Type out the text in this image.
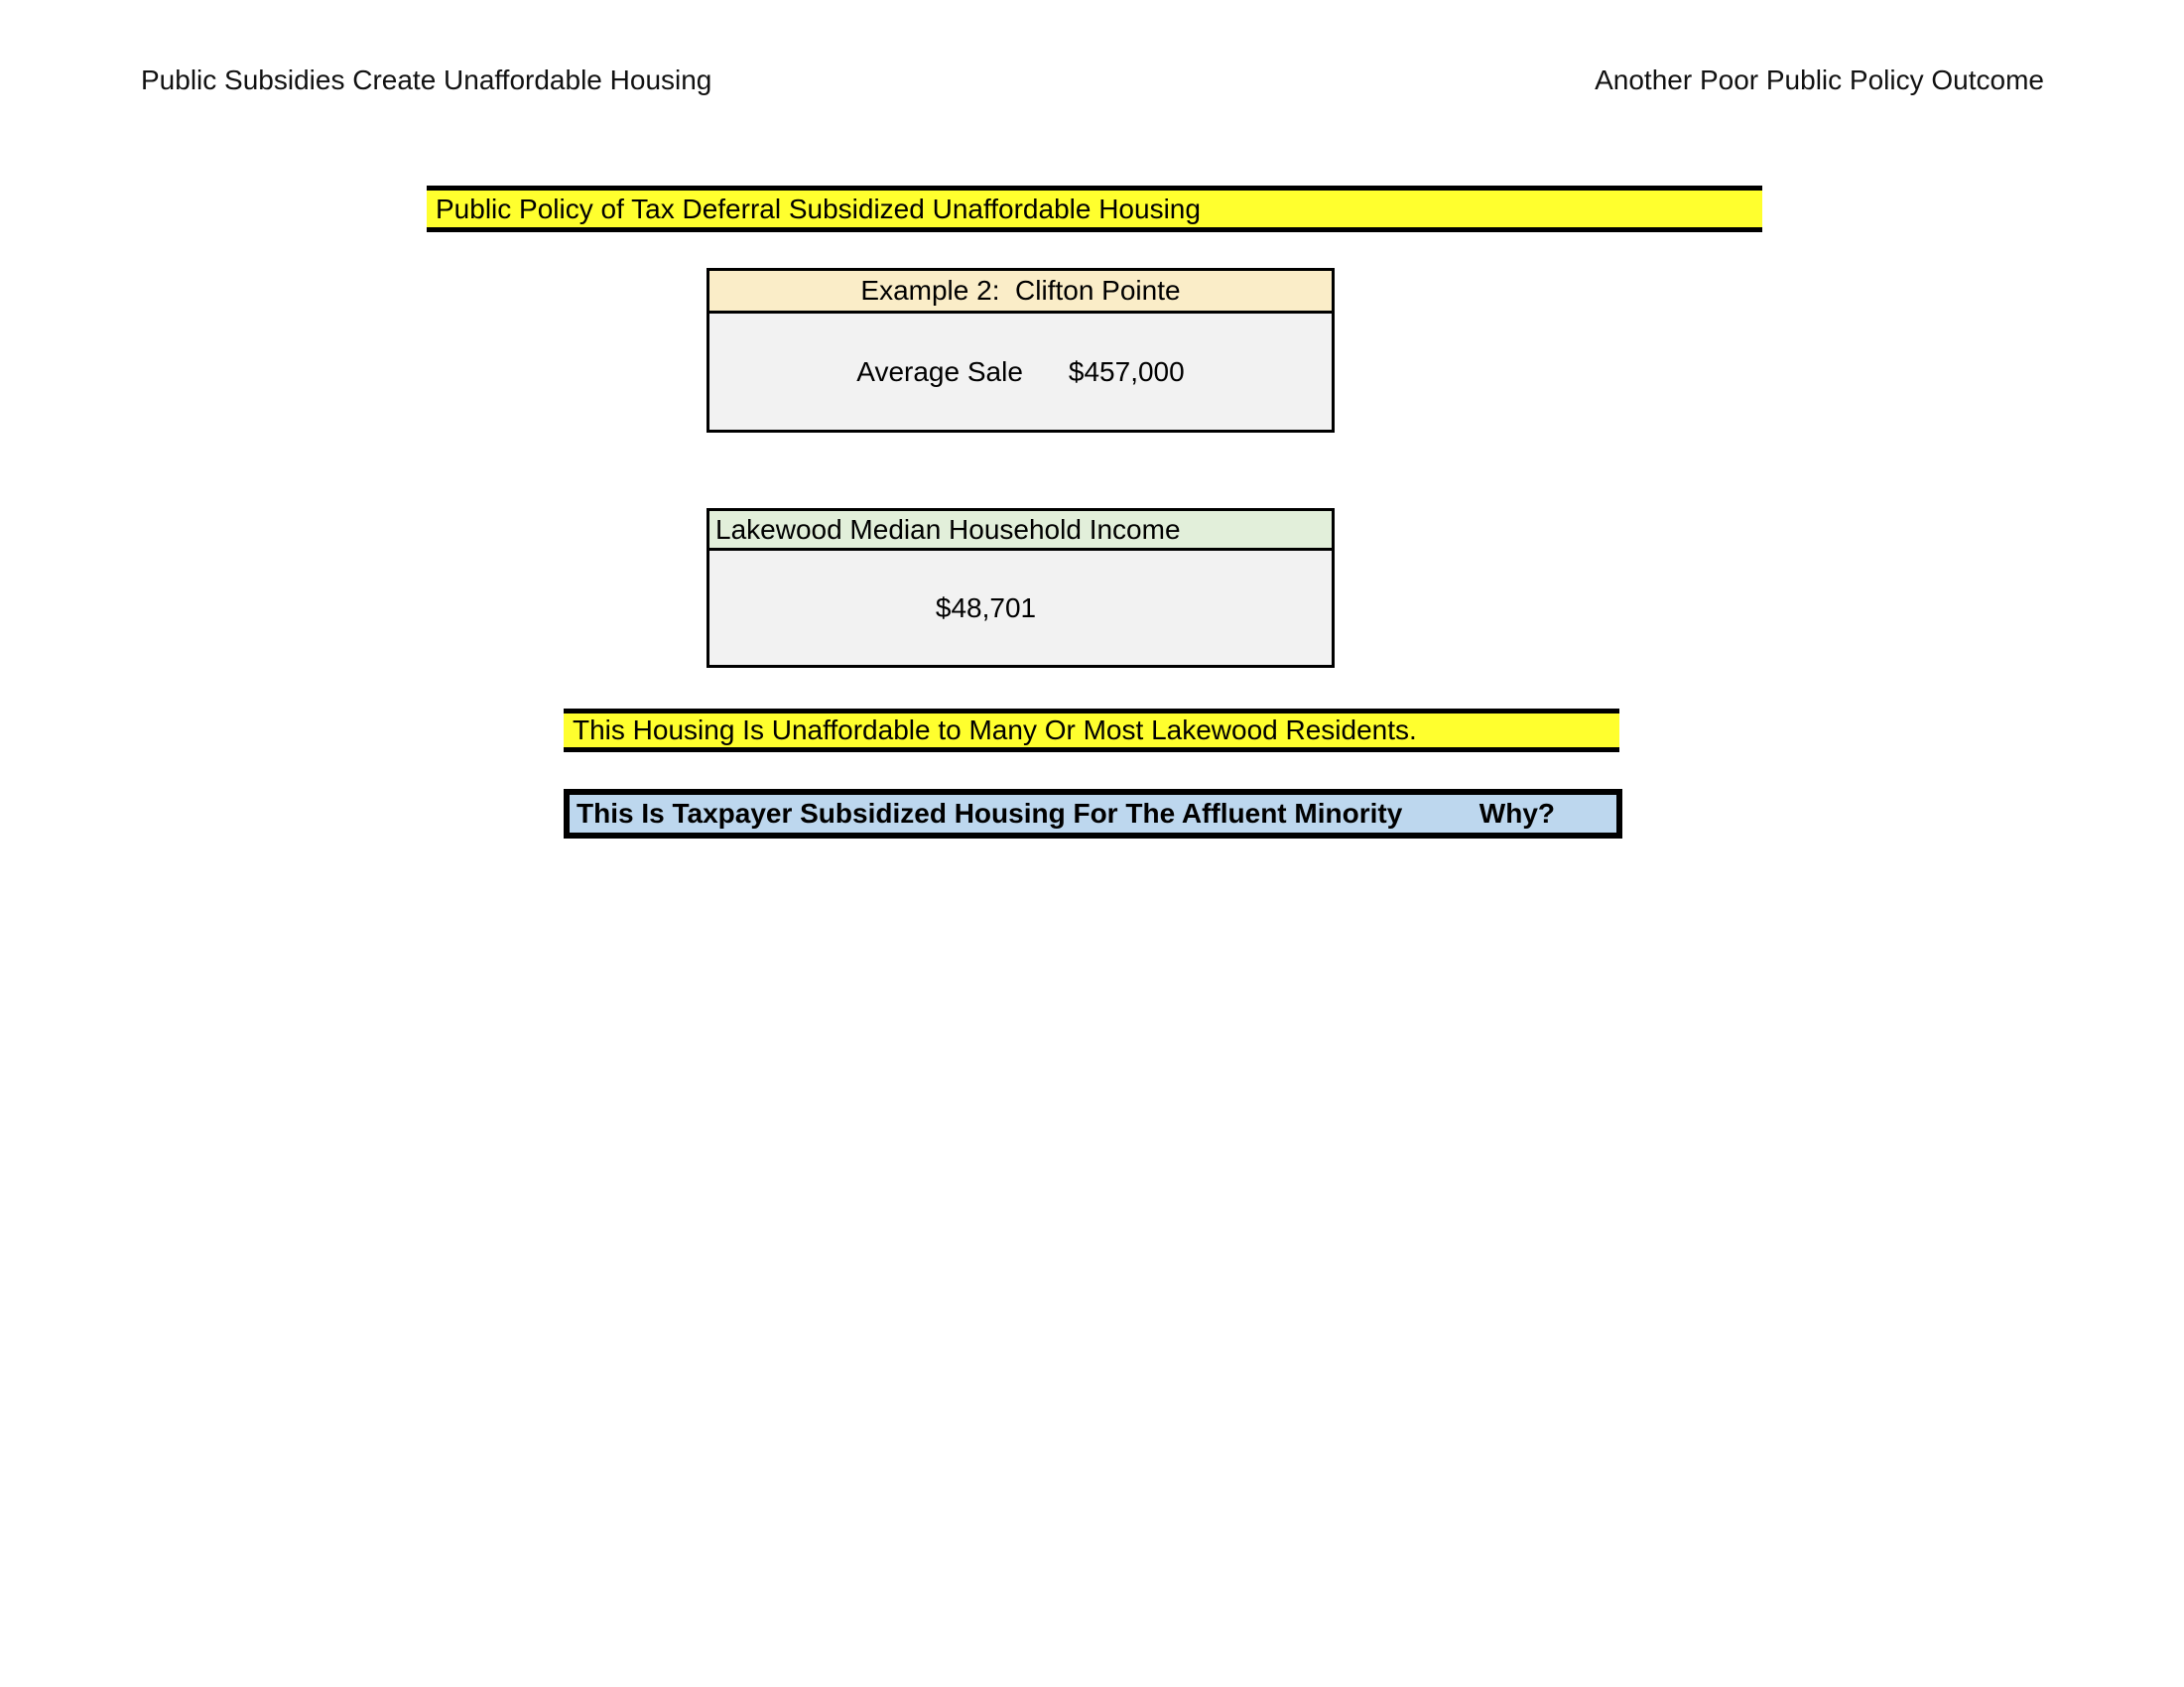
Public Subsidies Create Unaffordable Housing	Another Poor Public Policy Outcome
Public Policy of Tax Deferral Subsidized Unaffordable Housing
Example 2:  Clifton Pointe
Average Sale $457,000
Lakewood Median Household Income
$48,701
This Housing Is Unaffordable to Many Or Most Lakewood Residents.
This Is Taxpayer Subsidized Housing For The Affluent Minority	Why?
